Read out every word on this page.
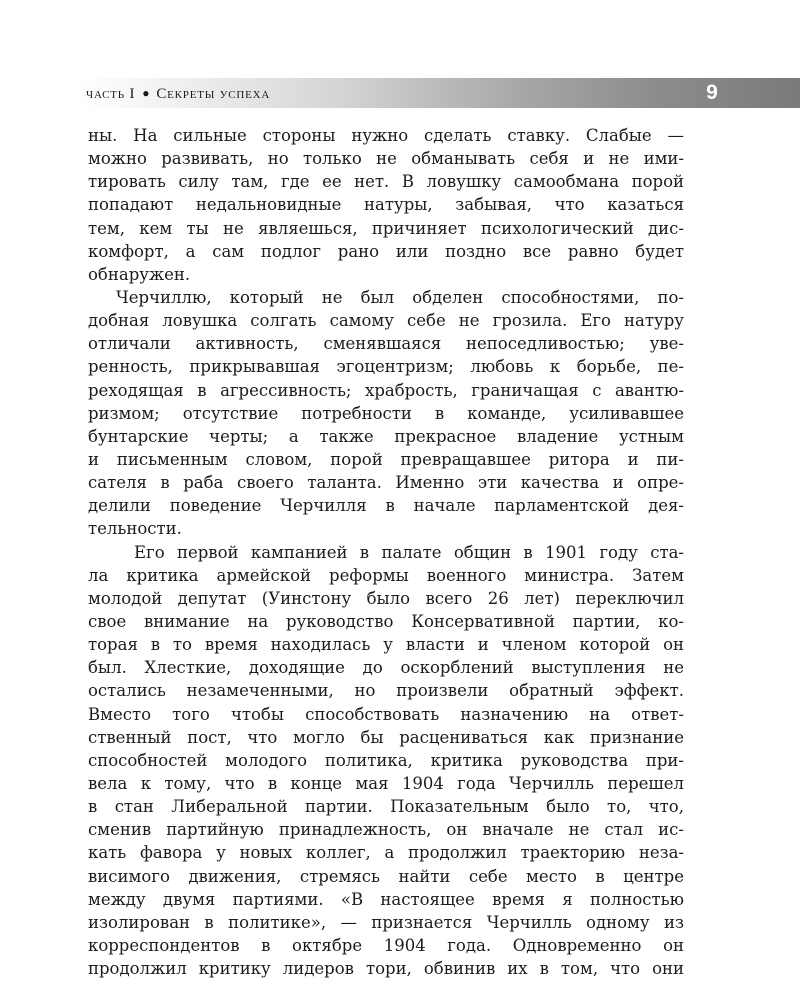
часть I ● Секреты успеха	9
ны. На сильные стороны нужно сделать ставку. Слабые —
можно развивать, но только не обманывать себя и не ими-
тировать силу там, где ее нет. В ловушку самообмана порой
попадают недальновидные натуры, забывая, что казаться
тем, кем ты не являешься, причиняет психологический дис-
комфорт, а сам подлог рано или поздно все равно будет
обнаружен.
Черчиллю, который не был обделен способностями, по-
добная ловушка солгать самому себе не грозила. Его натуру
отличали активность, сменявшаяся непоседливостью; уве-
ренность, прикрывавшая эгоцентризм; любовь к борьбе, пе-
реходящая в агрессивность; храбрость, граничащая с авантю-
ризмом; отсутствие потребности в команде, усиливавшее
бунтарские черты; а также прекрасное владение устным
и письменным словом, порой превращавшее ритора и пи-
сателя в раба своего таланта. Именно эти качества и опре-
делили поведение Черчилля в начале парламентской дея-
тельности.
Его первой кампанией в палате общин в 1901 году ста-
ла критика армейской реформы военного министра. Затем
молодой депутат (Уинстону было всего 26 лет) переключил
свое внимание на руководство Консервативной партии, ко-
торая в то время находилась у власти и членом которой он
был. Хлесткие, доходящие до оскорблений выступления не
остались незамеченными, но произвели обратный эффект.
Вместо того чтобы способствовать назначению на ответ-
ственный пост, что могло бы расцениваться как признание
способностей молодого политика, критика руководства при-
вела к тому, что в конце мая 1904 года Черчилль перешел
в стан Либеральной партии. Показательным было то, что,
сменив партийную принадлежность, он вначале не стал ис-
кать фавора у новых коллег, а продолжил траекторию неза-
висимого движения, стремясь найти себе место в центре
между двумя партиями. «В настоящее время я полностью
изолирован в политике», — признается Черчилль одному из
корреспондентов в октябре 1904 года. Одновременно он
продолжил критику лидеров тори, обвинив их в том, что они
